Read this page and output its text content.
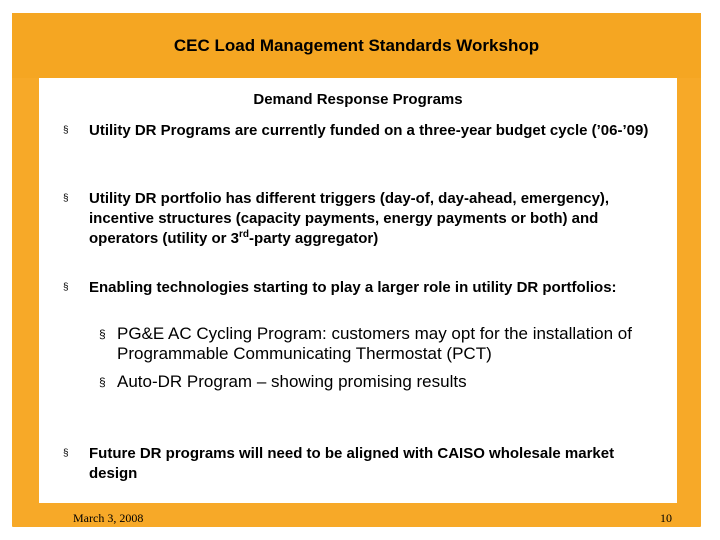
CEC Load Management Standards Workshop
Demand Response Programs
§	Utility DR Programs are currently funded on a three-year budget cycle (’06-’09)
§	Utility DR portfolio has different triggers (day-of, day-ahead, emergency), incentive structures (capacity payments, energy payments or both) and operators (utility or 3rd-party aggregator)
§	Enabling technologies starting to play a larger role in utility DR portfolios:
§	Future DR programs will need to be aligned with CAISO wholesale market design
§ PG&E AC Cycling Program: customers may opt for the installation of Programmable Communicating Thermostat (PCT)
§ Auto-DR Program – showing promising results
March 3, 2008	10
